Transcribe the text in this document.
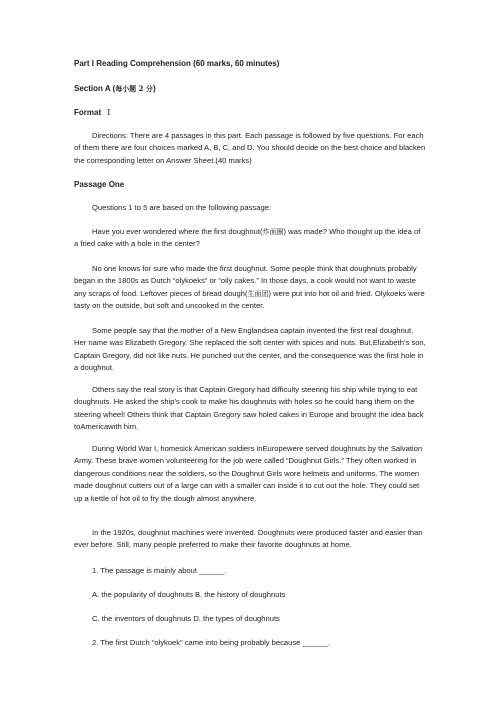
Part I Reading Comprehension (60 marks, 60 minutes)

Section A (每小题 2 分)

Format Ⅰ

Directions: There are 4 passages in this part. Each passage is followed by five questions. For each of them there are four choices marked A, B, C, and D. You should decide on the best choice and blacken the corresponding letter on Answer Sheet.(40 marks)

Passage One

Questions 1 to 5 are based on the following passage:

Have you ever wondered where the first doughnut(炸面圈) was made? Who thought up the idea of a fried cake with a hole in the center?

No one knows for sure who made the first doughnut. Some people think that doughnuts probably began in the 1800s as Dutch “olykoeks” or “oily cakes.” In those days, a cook would not want to waste any scraps of food. Leftover pieces of bread dough(生面团) were put into hot oil and fried. Olykoeks were tasty on the outside, but soft and uncooked in the center.

Some people say that the mother of a New Englandsea captain invented the first real doughnut. Her name was Elizabeth Gregory. She replaced the soft center with spices and nuts. But,Elizabeth’s son, Captain Gregory, did not like nuts. He punched out the center, and the consequence was the first hole in a doughnut.

Others say the real story is that Captain Gregory had difficulty steering his ship while trying to eat doughnuts. He asked the ship’s cook to make his doughnuts with holes so he could hang them on the steering wheel! Others think that Captain Gregory saw holed cakes in Europe and brought the idea back toAmericawith him.

During World War I, homesick American soldiers inEuropewere served doughnuts by the Salvation Army. These brave women volunteering for the job were called “Doughnut Girls.” They often worked in dangerous conditions near the soldiers, so the Doughnut Girls wore helmets and uniforms. The women made doughnut cutters out of a large can with a smaller can inside it to cut out the hole. They could set up a kettle of hot oil to fry the dough almost anywhere.

In the 1920s, doughnut machines were invented. Doughnuts were produced faster and easier than ever before. Still, many people preferred to make their favorite doughnuts at home.

1. The passage is mainly about ______.

A. the popularity of doughnuts B. the history of doughnuts

C. the inventors of doughnuts D. the types of doughnuts

2. The first Dutch “olykoek” came into being probably because ______.
